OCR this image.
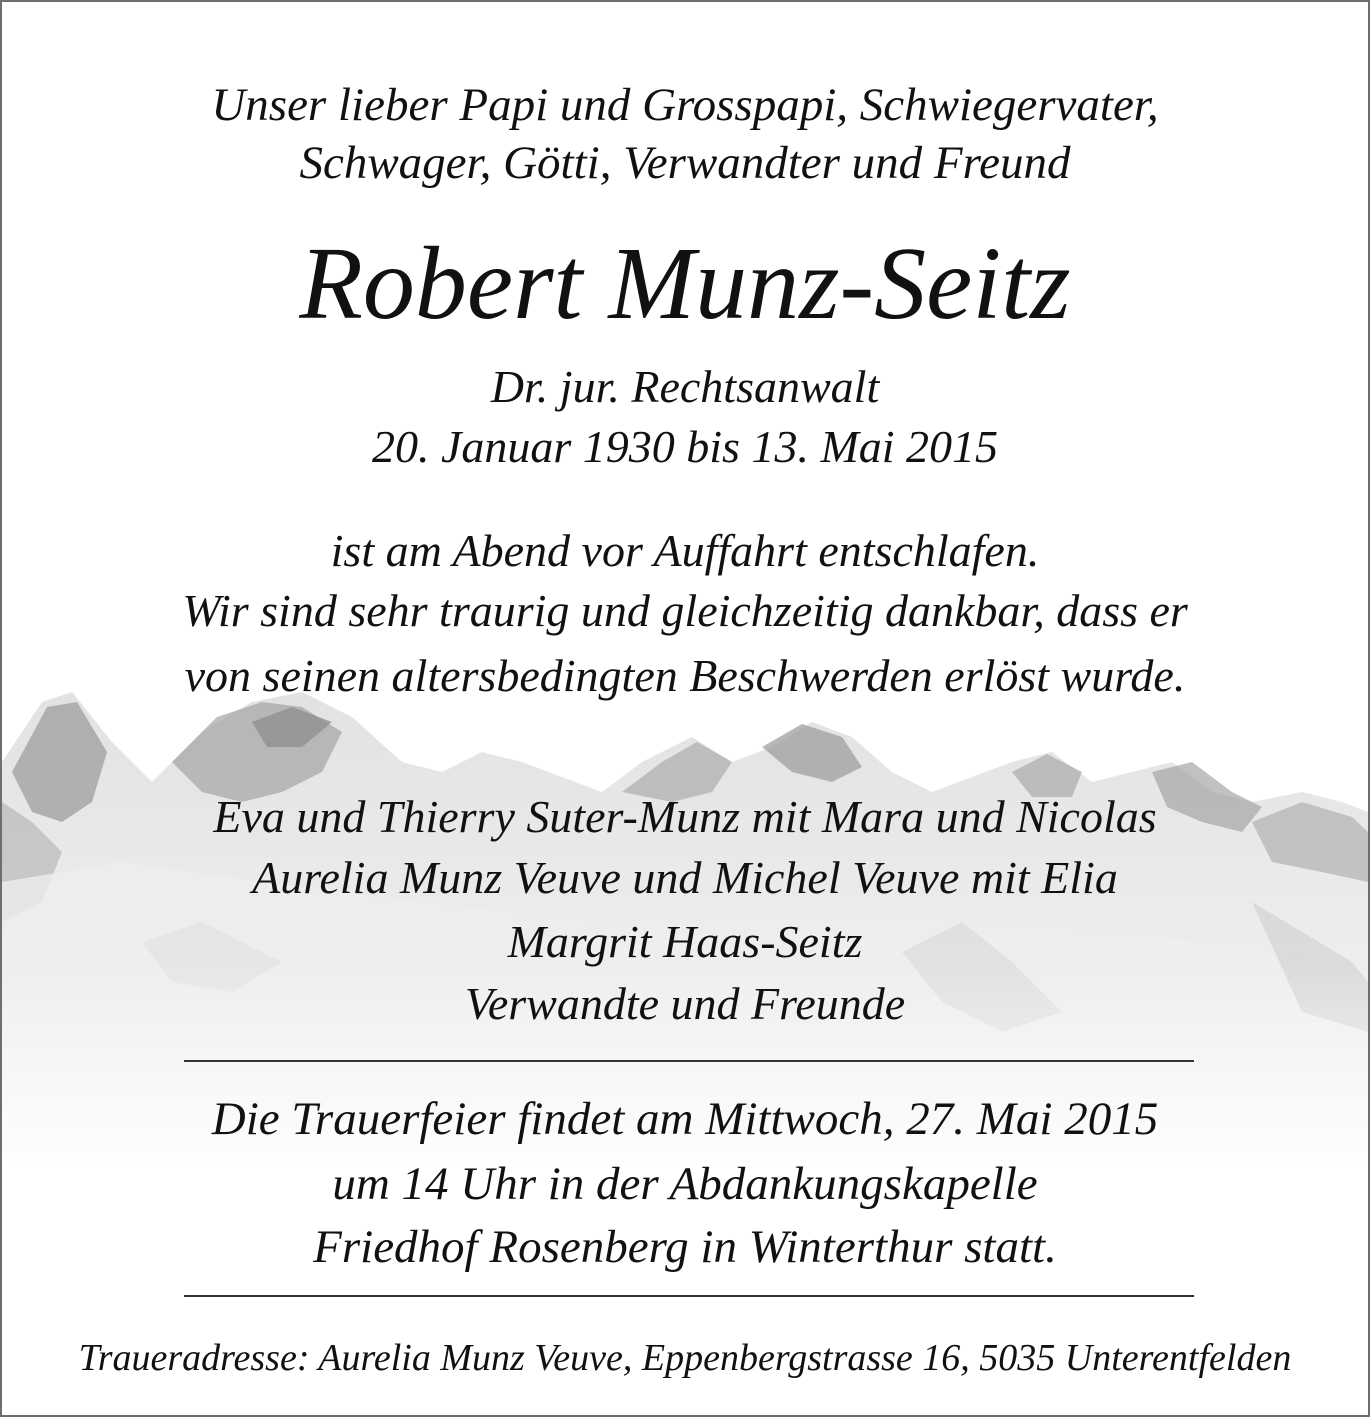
Unser lieber Papi und Grosspapi, Schwiegervater,

Schwager, Götti, Verwandter und Freund

Robert Munz-Seitz

Dr. jur. Rechtsanwalt

20. Januar 1930 bis 13. Mai 2015

ist am Abend vor Auffahrt entschlafen.

Wir sind sehr traurig und gleichzeitig dankbar, dass er

von seinen altersbedingten Beschwerden erlöst wurde.

Eva und Thierry Suter-Munz mit Mara und Nicolas

Aurelia Munz Veuve und Michel Veuve mit Elia

Margrit Haas-Seitz

Verwandte und Freunde

Die Trauerfeier findet am Mittwoch, 27. Mai 2015

um 14 Uhr in der Abdankungskapelle

Friedhof Rosenberg in Winterthur statt.

Traueradresse: Aurelia Munz Veuve, Eppenbergstrasse 16, 5035 Unterentfelden
